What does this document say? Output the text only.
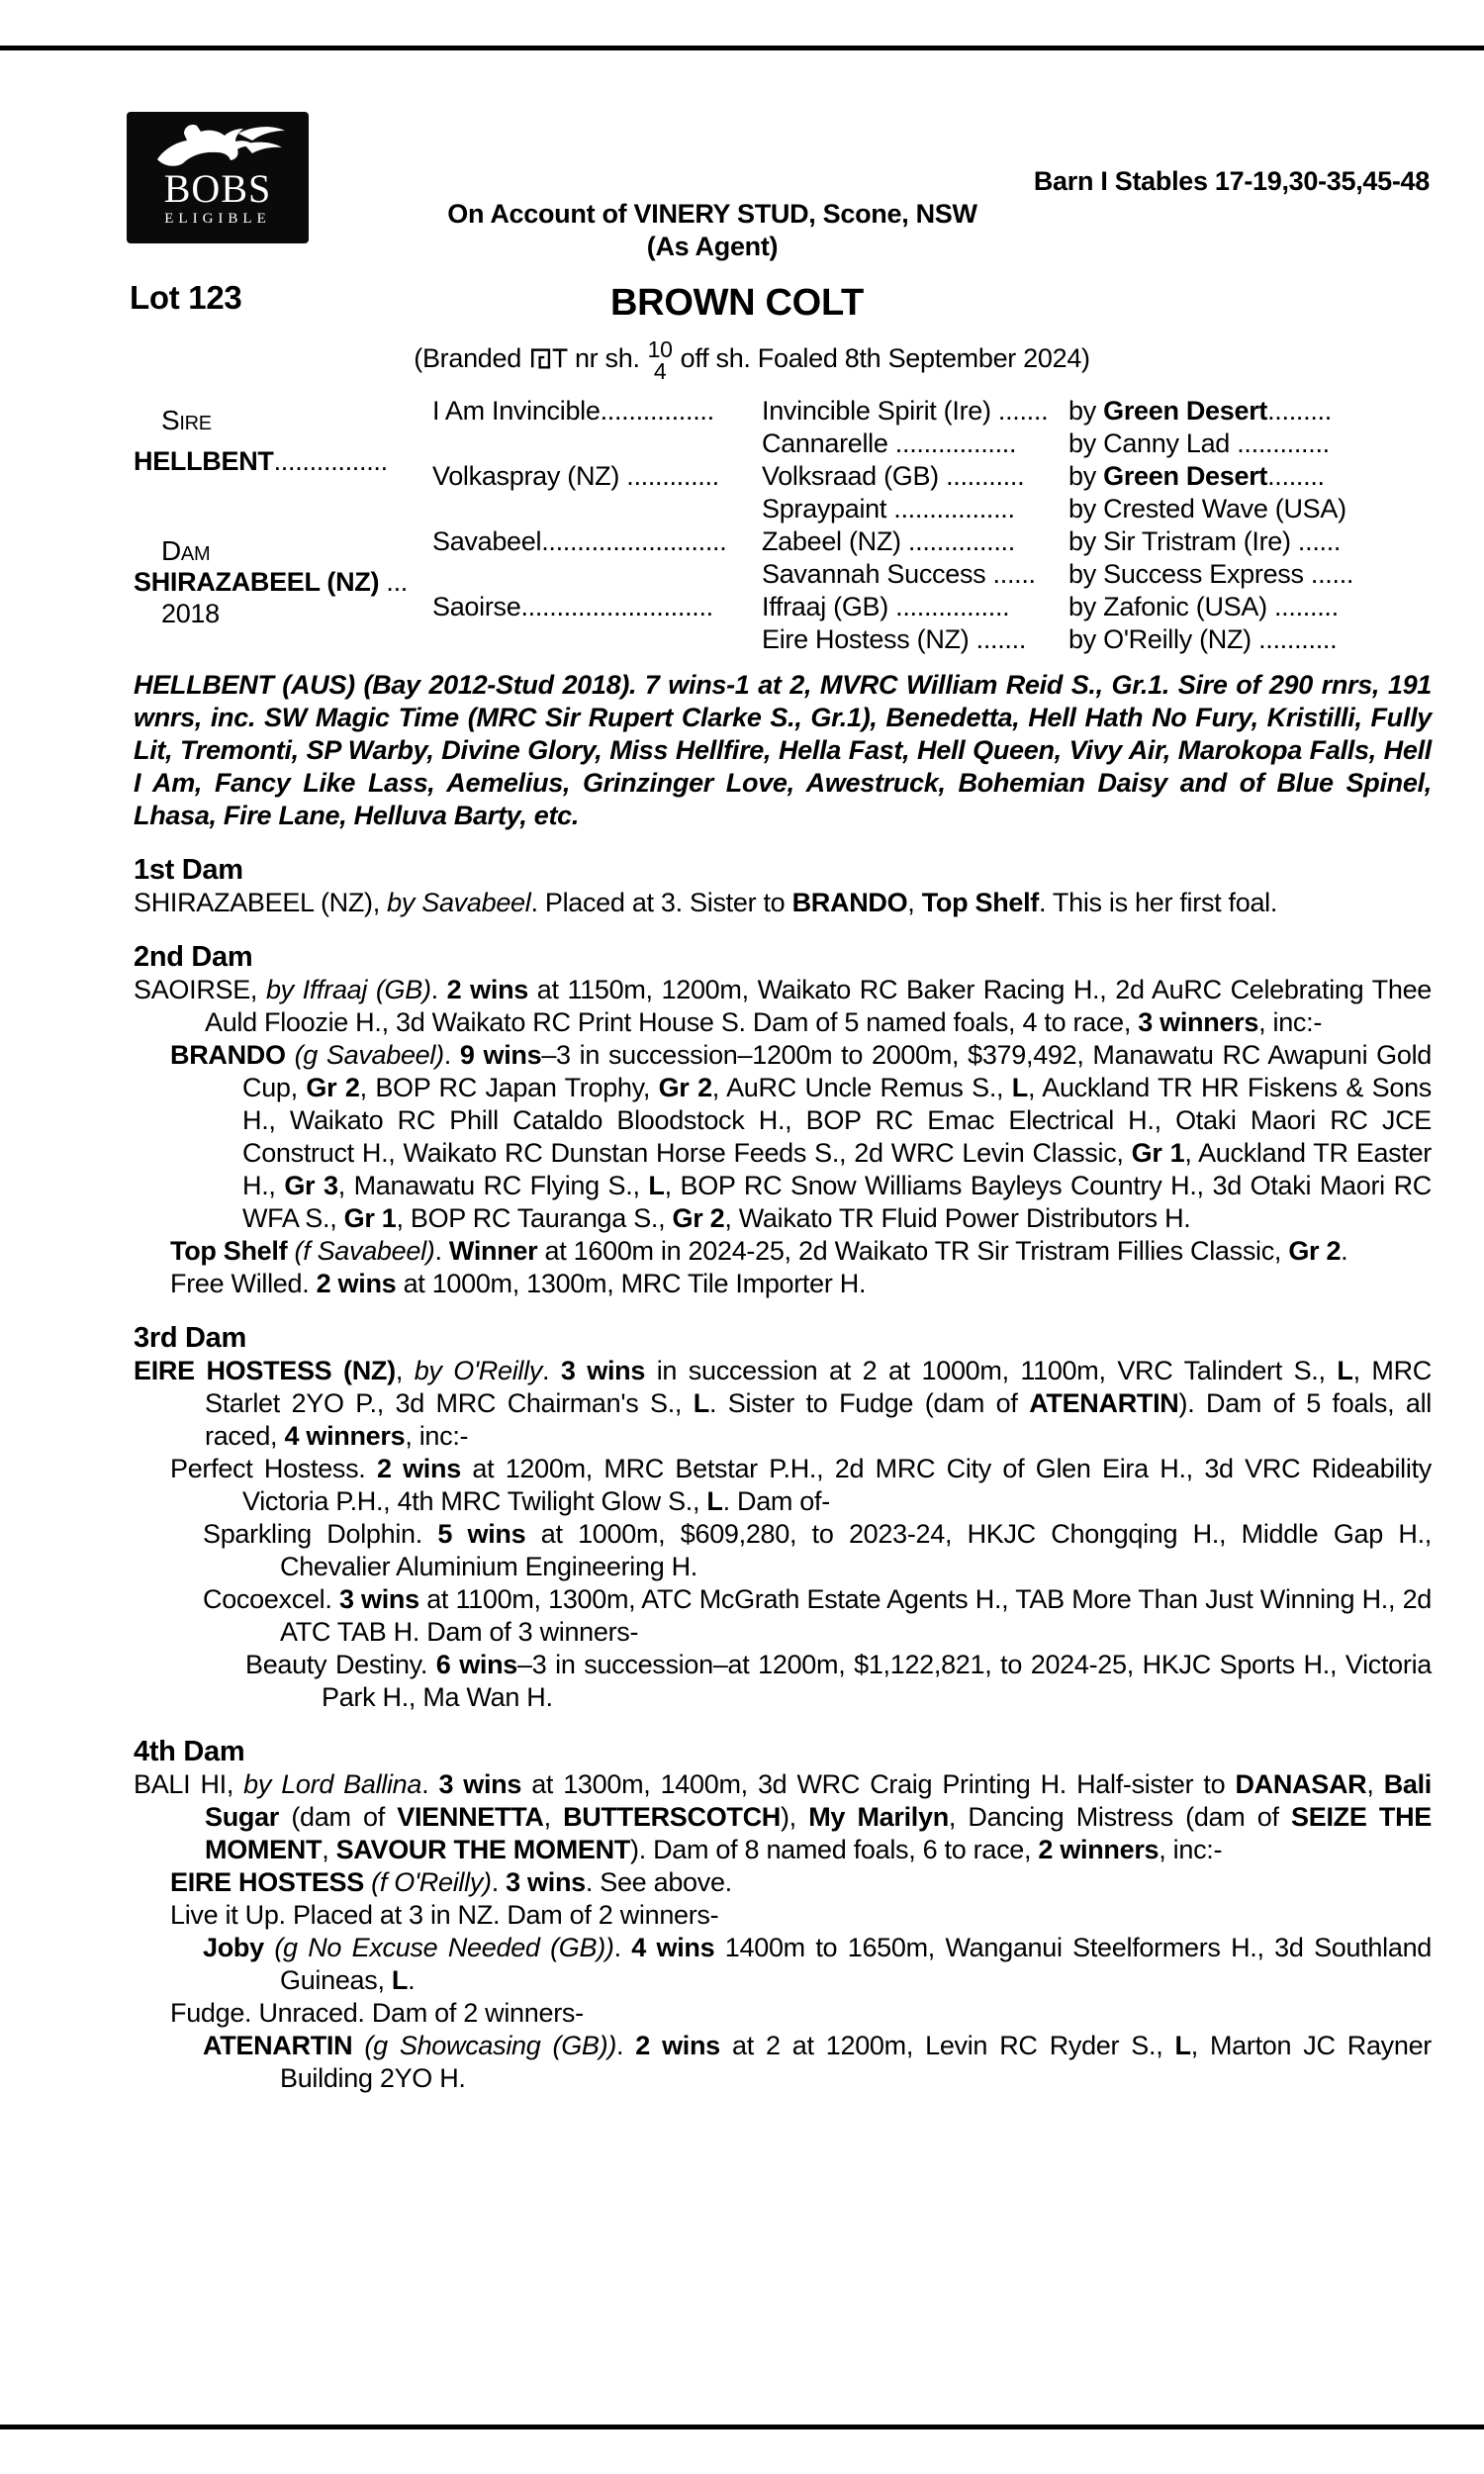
BOBS
ELIGIBLE
Barn I Stables 17-19,30-35,45-48
On Account of VINERY STUD, Scone, NSW
(As Agent)
Lot 123	BROWN COLT
(Branded nr sh. 10
4 off sh. Foaled 8th September 2024)
Sire
HELLBENT................
Dam
SHIRAZABEEL (NZ) ...
2018
I Am Invincible................
Volkaspray (NZ) .............
Savabeel..........................
Saoirse...........................
Invincible Spirit (Ire) .......
Cannarelle .................
Volksraad (GB) ...........
Spraypaint .................
Zabeel (NZ) ...............
Savannah Success ......
Iffraaj (GB) ................
Eire Hostess (NZ) .......
by Green Desert.........
by Canny Lad .............
by Green Desert........
by Crested Wave (USA)
by Sir Tristram (Ire) ......
by Success Express ......
by Zafonic (USA) .........
by O'Reilly (NZ) ...........
HELLBENT (AUS) (Bay 2012-Stud 2018). 7 wins-1 at 2, MVRC William Reid S., Gr.1. Sire of 290 rnrs, 191 wnrs, inc. SW Magic Time (MRC Sir Rupert Clarke S., Gr.1), Benedetta, Hell Hath No Fury, Kristilli, Fully Lit, Tremonti, SP Warby, Divine Glory, Miss Hellfire, Hella Fast, Hell Queen, Vivy Air, Marokopa Falls, Hell I Am, Fancy Like Lass, Aemelius, Grinzinger Love, Awestruck, Bohemian Daisy and of Blue Spinel, Lhasa, Fire Lane, Helluva Barty, etc.
1st Dam
SHIRAZABEEL (NZ), by Savabeel. Placed at 3. Sister to BRANDO, Top Shelf. This is her first foal.
2nd Dam
SAOIRSE, by Iffraaj (GB). 2 wins at 1150m, 1200m, Waikato RC Baker Racing H., 2d AuRC Celebrating Thee Auld Floozie H., 3d Waikato RC Print House S. Dam of 5 named foals, 4 to race, 3 winners, inc:-
BRANDO (g Savabeel). 9 wins–3 in succession–1200m to 2000m, $379,492, Manawatu RC Awapuni Gold Cup, Gr 2, BOP RC Japan Trophy, Gr 2, AuRC Uncle Remus S., L, Auckland TR HR Fiskens & Sons H., Waikato RC Phill Cataldo Bloodstock H., BOP RC Emac Electrical H., Otaki Maori RC JCE Construct H., Waikato RC Dunstan Horse Feeds S., 2d WRC Levin Classic, Gr 1, Auckland TR Easter H., Gr 3, Manawatu RC Flying S., L, BOP RC Snow Williams Bayleys Country H., 3d Otaki Maori RC WFA S., Gr 1, BOP RC Tauranga S., Gr 2, Waikato TR Fluid Power Distributors H.
Top Shelf (f Savabeel). Winner at 1600m in 2024-25, 2d Waikato TR Sir Tristram Fillies Classic, Gr 2.
Free Willed. 2 wins at 1000m, 1300m, MRC Tile Importer H.
3rd Dam
EIRE HOSTESS (NZ), by O'Reilly. 3 wins in succession at 2 at 1000m, 1100m, VRC Talindert S., L, MRC Starlet 2YO P., 3d MRC Chairman's S., L. Sister to Fudge (dam of ATENARTIN). Dam of 5 foals, all raced, 4 winners, inc:-
Perfect Hostess. 2 wins at 1200m, MRC Betstar P.H., 2d MRC City of Glen Eira H., 3d VRC Rideability Victoria P.H., 4th MRC Twilight Glow S., L. Dam of-
Sparkling Dolphin. 5 wins at 1000m, $609,280, to 2023-24, HKJC Chongqing H., Middle Gap H., Chevalier Aluminium Engineering H.
Cocoexcel. 3 wins at 1100m, 1300m, ATC McGrath Estate Agents H., TAB More Than Just Winning H., 2d ATC TAB H. Dam of 3 winners-
Beauty Destiny. 6 wins–3 in succession–at 1200m, $1,122,821, to 2024-25, HKJC Sports H., Victoria Park H., Ma Wan H.
4th Dam
BALI HI, by Lord Ballina. 3 wins at 1300m, 1400m, 3d WRC Craig Printing H. Half-sister to DANASAR, Bali Sugar (dam of VIENNETTA, BUTTERSCOTCH), My Marilyn, Dancing Mistress (dam of SEIZE THE MOMENT, SAVOUR THE MOMENT). Dam of 8 named foals, 6 to race, 2 winners, inc:-
EIRE HOSTESS (f O'Reilly). 3 wins. See above.
Live it Up. Placed at 3 in NZ. Dam of 2 winners-
Joby (g No Excuse Needed (GB)). 4 wins 1400m to 1650m, Wanganui Steelformers H., 3d Southland Guineas, L.
Fudge. Unraced. Dam of 2 winners-
ATENARTIN (g Showcasing (GB)). 2 wins at 2 at 1200m, Levin RC Ryder S., L, Marton JC Rayner Building 2YO H.
